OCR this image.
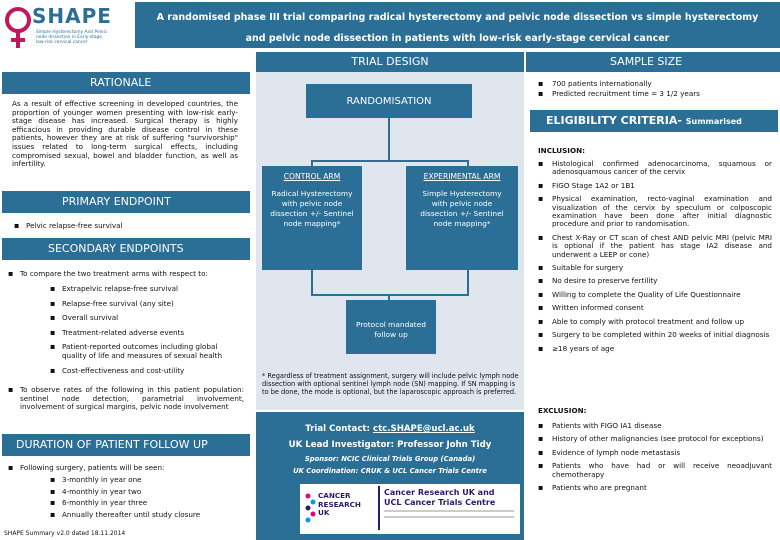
SHAPE
Simple Hysterectomy And Pelvic
node dissection in Early-stage
low-risk cervical cancer
A randomised phase III trial comparing radical hysterectomy and pelvic node dissection vs simple hysterectomy
and pelvic node dissection in patients with low-risk early-stage cervical cancer
RATIONALE
As a result of effective screening in developed countries, the proportion of younger women presenting with low-risk early-stage disease has increased. Surgical therapy is highly efficacious in providing durable disease control in these patients, however they are at risk of suffering "survivorship" issues related to long-term surgical effects, including compromised sexual, bowel and bladder function, as well as infertility.
PRIMARY ENDPOINT
▪ Pelvic relapse-free survival
SECONDARY ENDPOINTS
▪ To compare the two treatment arms with respect to:
▪ Extrapelvic relapse-free survival
▪ Relapse-free survival (any site)
▪ Overall survival
▪ Treatment-related adverse events
▪ Patient-reported outcomes including global quality of life and measures of sexual health
▪ Cost-effectiveness and cost-utility
▪ To observe rates of the following in this patient population: sentinel node detection, parametrial involvement, involvement of surgical margins, pelvic node involvement
DURATION OF PATIENT FOLLOW UP
▪ Following surgery, patients will be seen:
▪ 3-monthly in year one
▪ 4-monthly in year two
▪ 6-monthly in year three
▪ Annually thereafter until study closure
SHAPE Summary v2.0 dated 18.11.2014
TRIAL DESIGN
RANDOMISATION
CONTROL ARM
Radical Hysterectomy with pelvic node dissection +/- Sentinel node mapping*
EXPERIMENTAL ARM
Simple Hysterectomy with pelvic node dissection +/- Sentinel node mapping*
Protocol mandated follow up
* Regardless of treatment assignment, surgery will include pelvic lymph node dissection with optional sentinel lymph node (SN) mapping. If SN mapping is to be done, the mode is optional, but the laparoscopic approach is preferred.
Trial Contact: ctc.SHAPE@ucl.ac.uk
UK Lead Investigator: Professor John Tidy
Sponsor: NCIC Clinical Trials Group (Canada)
UK Coordination: CRUK & UCL Cancer Trials Centre
CANCER
RESEARCH
UK
Cancer Research UK and
UCL Cancer Trials Centre
SAMPLE SIZE
▪ 700 patients internationally
▪ Predicted recruitment time = 3 1/2 years
ELIGIBILITY CRITERIA- Summarised
INCLUSION:
▪ Histological confirmed adenocarcinoma, squamous or adenosquamous cancer of the cervix
▪ FIGO Stage 1A2 or 1B1
▪ Physical examination, recto-vaginal examination and visualization of the cervix by speculum or colposcopic examination have been done after initial diagnostic procedure and prior to randomisation.
▪ Chest X-Ray or CT scan of chest AND pelvic MRI (pelvic MRI is optional if the patient has stage IA2 disease and underwent a LEEP or cone)
▪ Suitable for surgery
▪ No desire to preserve fertility
▪ Willing to complete the Quality of Life Questionnaire
▪ Written informed consent
▪ Able to comply with protocol treatment and follow up
▪ Surgery to be completed within 20 weeks of initial diagnosis
▪ ≥18 years of age
EXCLUSION:
▪ Patients with FIGO IA1 disease
▪ History of other malignancies (see protocol for exceptions)
▪ Evidence of lymph node metastasis
▪ Patients who have had or will receive neoadjuvant chemotherapy
▪ Patients who are pregnant
